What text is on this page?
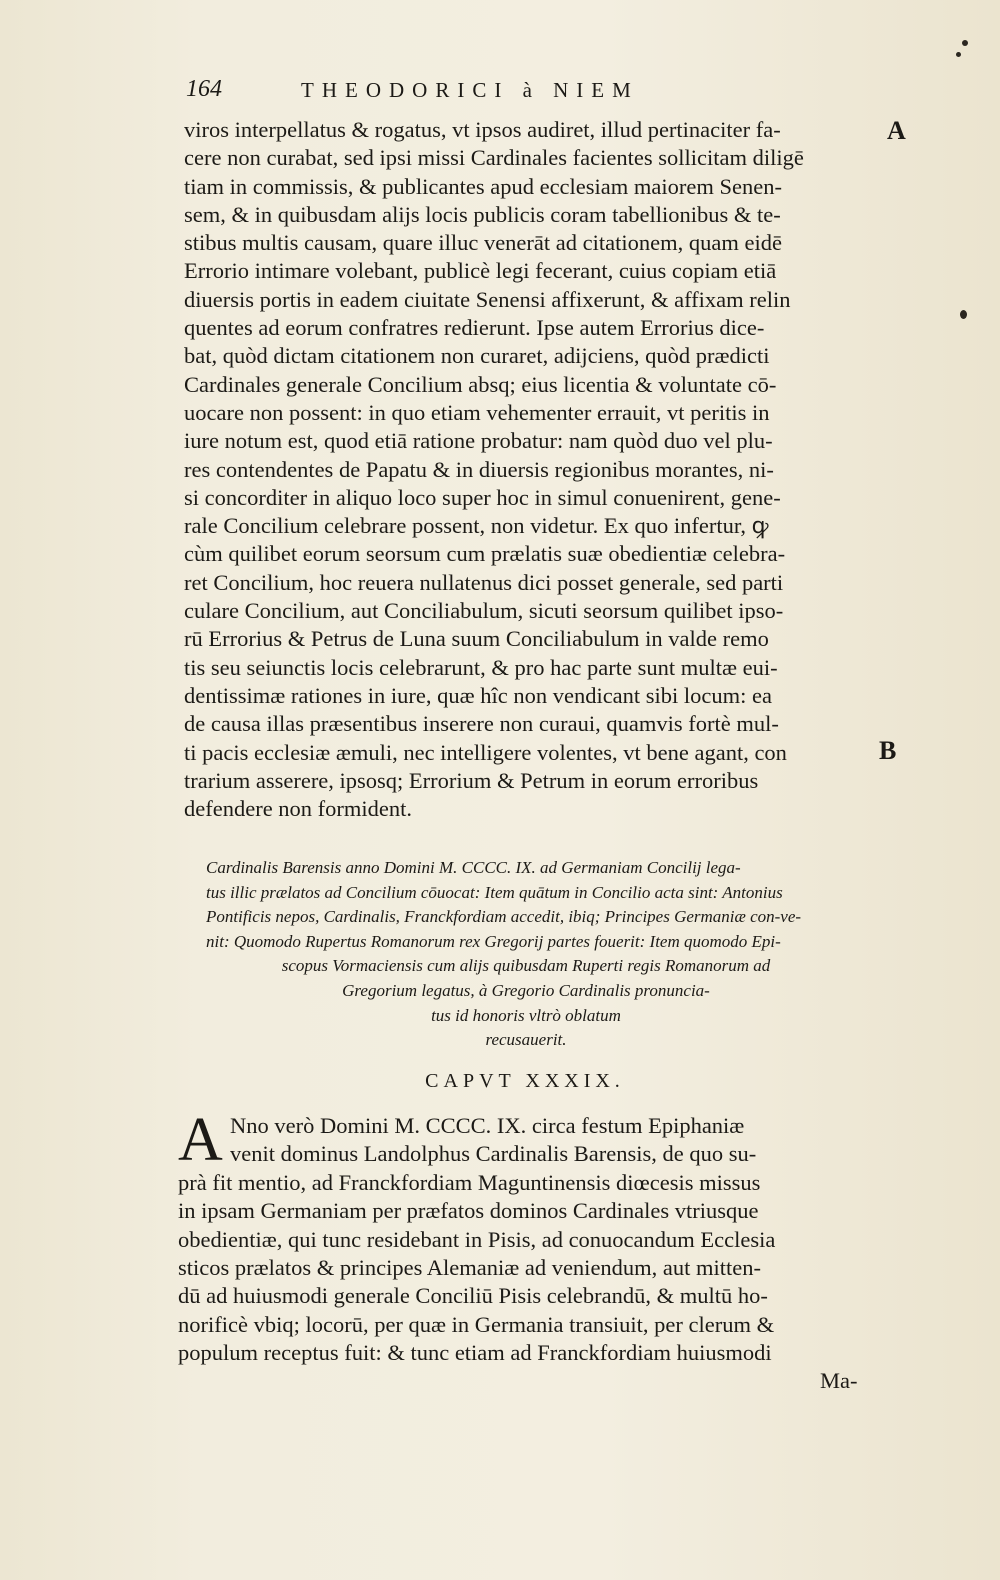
164	THEODORICI à NIEM
A
B
viros interpellatus & rogatus, vt ipsos audiret, illud pertinaciter fa-
cere non curabat, sed ipsi missi Cardinales facientes sollicitam diligē
tiam in commissis, & publicantes apud ecclesiam maiorem Senen-
sem, & in quibusdam alijs locis publicis coram tabellionibus & te-
stibus multis causam, quare illuc venerāt ad citationem, quam eidē
Errorio intimare volebant, publicè legi fecerant, cuius copiam etiā
diuersis portis in eadem ciuitate Senensi affixerunt, & affixam relin
quentes ad eorum confratres redierunt. Ipse autem Errorius dice-
bat, quòd dictam citationem non curaret, adijciens, quòd prædicti
Cardinales generale Concilium absq; eius licentia & voluntate cō-
uocare non possent: in quo etiam vehementer errauit, vt peritis in
iure notum est, quod etiā ratione probatur: nam quòd duo vel plu-
res contendentes de Papatu & in diuersis regionibus morantes, ni-
si concorditer in aliquo loco super hoc in simul conuenirent, gene-
rale Concilium celebrare possent, non videtur. Ex quo infertur, ꝙ
cùm quilibet eorum seorsum cum prælatis suæ obedientiæ celebra-
ret Concilium, hoc reuera nullatenus dici posset generale, sed parti
culare Concilium, aut Conciliabulum, sicuti seorsum quilibet ipso-
rū Errorius & Petrus de Luna suum Conciliabulum in valde remo
tis seu seiunctis locis celebrarunt, & pro hac parte sunt multæ eui-
dentissimæ rationes in iure, quæ hîc non vendicant sibi locum: ea
de causa illas præsentibus inserere non curaui, quamvis fortè mul-
ti pacis ecclesiæ æmuli, nec intelligere volentes, vt bene agant, con
trarium asserere, ipsosq; Errorium & Petrum in eorum erroribus
defendere non formident.
Cardinalis Barensis anno Domini M. CCCC. IX. ad Germaniam Concilij lega-
tus illic prælatos ad Concilium cōuocat: Item quātum in Concilio acta sint: Antonius
Pontificis nepos, Cardinalis, Franckfordiam accedit, ibiq; Principes Germaniæ con-ve-
nit: Quomodo Rupertus Romanorum rex Gregorij partes fouerit: Item quomodo Epi-
scopus Vormaciensis cum alijs quibusdam Ruperti regis Romanorum ad
Gregorium legatus, à Gregorio Cardinalis pronuncia-
tus id honoris vltrò oblatum
recusauerit.
CAPVT XXXIX.
A Nno verò Domini M. CCCC. IX. circa festum Epiphaniæ
venit dominus Landolphus Cardinalis Barensis, de quo su-
prà fit mentio, ad Franckfordiam Maguntinensis diœcesis missus
in ipsam Germaniam per præfatos dominos Cardinales vtriusque
obedientiæ, qui tunc residebant in Pisis, ad conuocandum Ecclesia
sticos prælatos & principes Alemaniæ ad veniendum, aut mitten-
dū ad huiusmodi generale Conciliū Pisis celebrandū, & multū ho-
norificè vbiq; locorū, per quæ in Germania transiuit, per clerum &
populum receptus fuit: & tunc etiam ad Franckfordiam huiusmodi
Ma-
